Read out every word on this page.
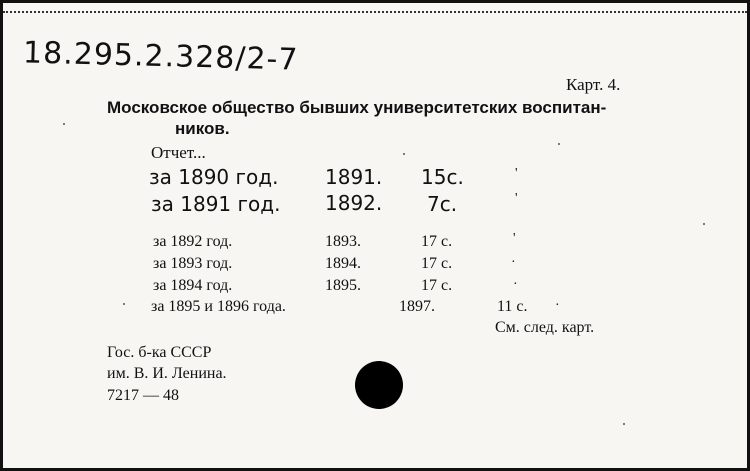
18.295.2.328/2-7
Карт. 4.
Московское общество бывших университетских воспитан-
ников.
Отчет...
за 1890 год. 1891. 15с.	'
за 1891 год. 1892. 7с.	'
за 1892 год.	1893.	17 с.	'
за 1893 год.	1894.	17 с.	·
за 1894 год.	1895.	17 с.	·
за 1895 и 1896 года.	1897.	11 с. ·
См. след. карт.
Гос. б-ка СССР
им. В. И. Ленина.
7217 — 48
